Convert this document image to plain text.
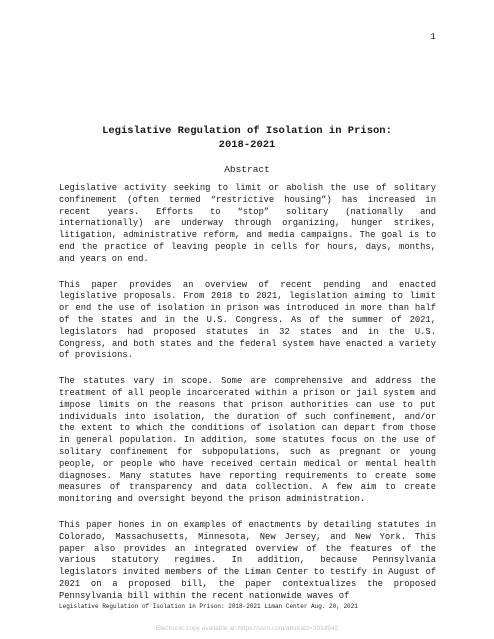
1
Legislative Regulation of Isolation in Prison:
2018-2021
Abstract

Legislative activity seeking to limit or abolish the use of solitary confinement (often termed “restrictive housing”) has increased in recent years. Efforts to “stop” solitary (nationally and internationally) are underway through organizing, hunger strikes, litigation, administrative reform, and media campaigns. The goal is to end the practice of leaving people in cells for hours, days, months, and years on end.

This paper provides an overview of recent pending and enacted legislative proposals. From 2018 to 2021, legislation aiming to limit or end the use of isolation in prison was introduced in more than half of the states and in the U.S. Congress. As of the summer of 2021, legislators had proposed statutes in 32 states and in the U.S. Congress, and both states and the federal system have enacted a variety of provisions.

The statutes vary in scope. Some are comprehensive and address the treatment of all people incarcerated within a prison or jail system and impose limits on the reasons that prison authorities can use to put individuals into isolation, the duration of such confinement, and/or the extent to which the conditions of isolation can depart from those in general population. In addition, some statutes focus on the use of solitary confinement for subpopulations, such as pregnant or young people, or people who have received certain medical or mental health diagnoses. Many statutes have reporting requirements to create some measures of transparency and data collection. A few aim to create monitoring and oversight beyond the prison administration.

This paper hones in on examples of enactments by detailing statutes in Colorado, Massachusetts, Minnesota, New Jersey, and New York. This paper also provides an integrated overview of the features of the various statutory regimes. In addition, because Pennsylvania legislators invited members of the Liman Center to testify in August of 2021 on a proposed bill, the paper contextualizes the proposed Pennsylvania bill within the recent nationwide waves of

Legislative Regulation of Isolation in Prison: 2018-2021 Liman Center Aug. 20, 2021
Electronic copy available at: https://ssrn.com/abstract=3914942
